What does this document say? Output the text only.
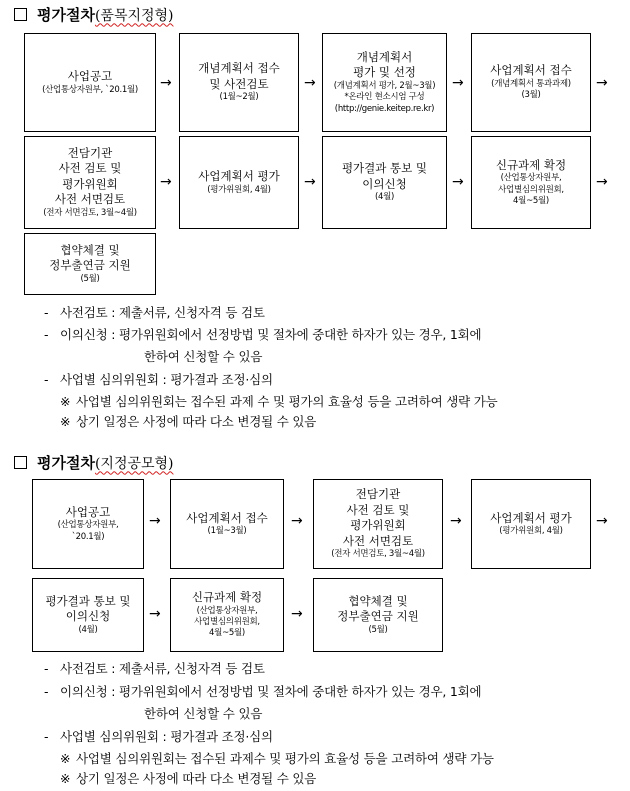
평가절차 (품목지정형)
사업공고
(산업통상자원부, `20.1월)
개념계획서 접수
및 사전검토
(1월~2월)
개념계획서
평가 및 선정
(개념계획서 평가, 2월~3월)
*온라인 현소시엄 구성
(http://genie.keitep.re.kr)
사업계획서 접수
(개념계획서 통과과제)
(3월)
전담기관
사전 검토 및
평가위원회
사전 서면검토
(전자 서면검토, 3월~4월)
사업계획서 평가
(평가위원회, 4월)
평가결과 통보 및
이의신청
(4월)
신규과제 확정
(산업통상자원부,
사업별심의위원회,
4월~5월)
협약체결 및
정부출연금 지원
(5월)
→	→	→	→
→	→	→	→
- 사전검토 : 제출서류, 신청자격 등 검토
- 이의신청 : 평가위원회에서 선정방법 및 절차에 중대한 하자가 있는 경우, 1회에
한하여 신청할 수 있음
- 사업별 심의위원회 : 평가결과 조정·심의
※ 사업별 심의위원회는 접수된 과제 수 및 평가의 효율성 등을 고려하여 생략 가능
※ 상기 일정은 사정에 따라 다소 변경될 수 있음
평가절차 (지정공모형)
사업공고
(산업통상자원부,
`20.1월)
사업계획서 접수
(1월~3월)
전담기관
사전 검토 및
평가위원회
사전 서면검토
(전자 서면검토, 3월~4월)
사업계획서 평가
(평가위원회, 4월)
평가결과 통보 및
이의신청
(4월)
신규과제 확정
(산업통상자원부,
사업별심의위원회,
4월~5월)
협약체결 및
정부출연금 지원
(5월)
→	→	→	→
→	→
- 사전검토 : 제출서류, 신청자격 등 검토
- 이의신청 : 평가위원회에서 선정방법 및 절차에 중대한 하자가 있는 경우, 1회에
한하여 신청할 수 있음
- 사업별 심의위원회 : 평가결과 조정·심의
※ 사업별 심의위원회는 접수된 과제수 및 평가의 효율성 등을 고려하여 생략 가능
※ 상기 일정은 사정에 따라 다소 변경될 수 있음
